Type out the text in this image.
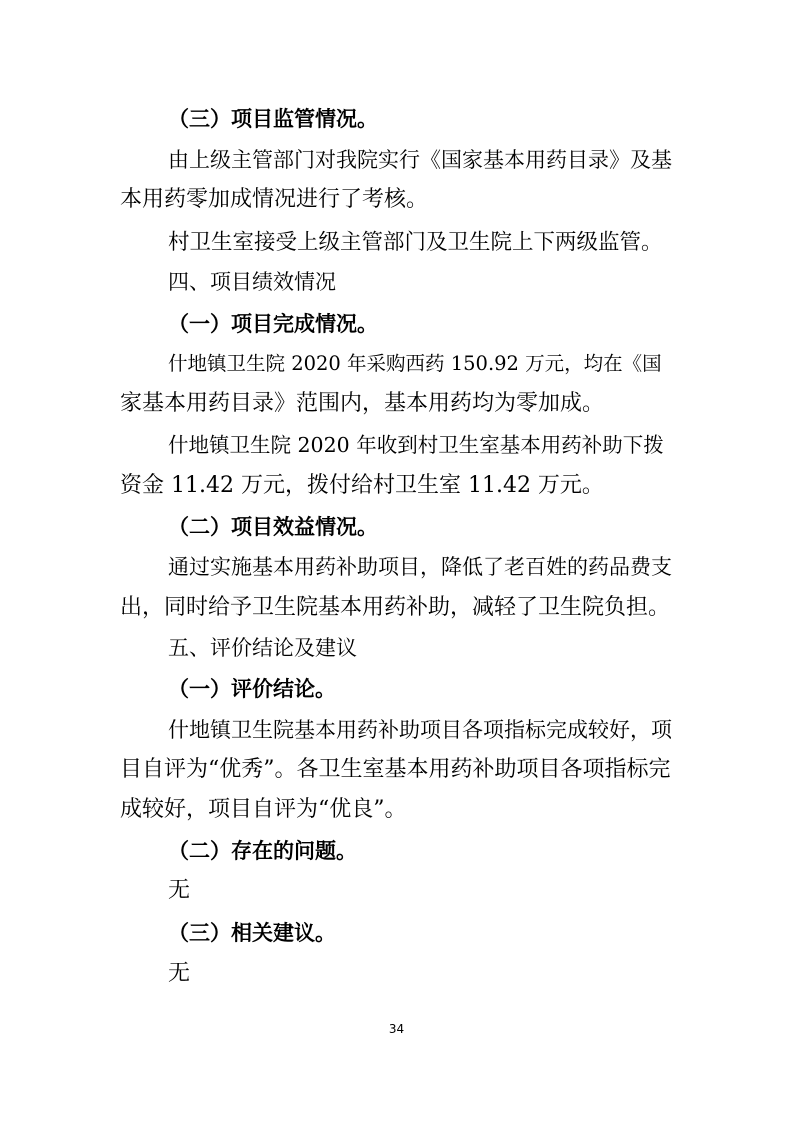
（三）项目监管情况。
由上级主管部门对我院实行《国家基本用药目录》及基
本用药零加成情况进行了考核。
村卫生室接受上级主管部门及卫生院上下两级监管。
四、项目绩效情况
（一）项目完成情况。
什地镇卫生院 2020 年采购西药 150.92 万元，均在《国
家基本用药目录》范围内，基本用药均为零加成。
什地镇卫生院 2020 年收到村卫生室基本用药补助下拨
资金 11.42 万元，拨付给村卫生室 11.42 万元。
（二）项目效益情况。
通过实施基本用药补助项目，降低了老百姓的药品费支
出，同时给予卫生院基本用药补助，减轻了卫生院负担。
五、评价结论及建议
（一）评价结论。
什地镇卫生院基本用药补助项目各项指标完成较好，项
目自评为“优秀”。各卫生室基本用药补助项目各项指标完
成较好，项目自评为“优良”。
（二）存在的问题。
无
（三）相关建议。
无
34
